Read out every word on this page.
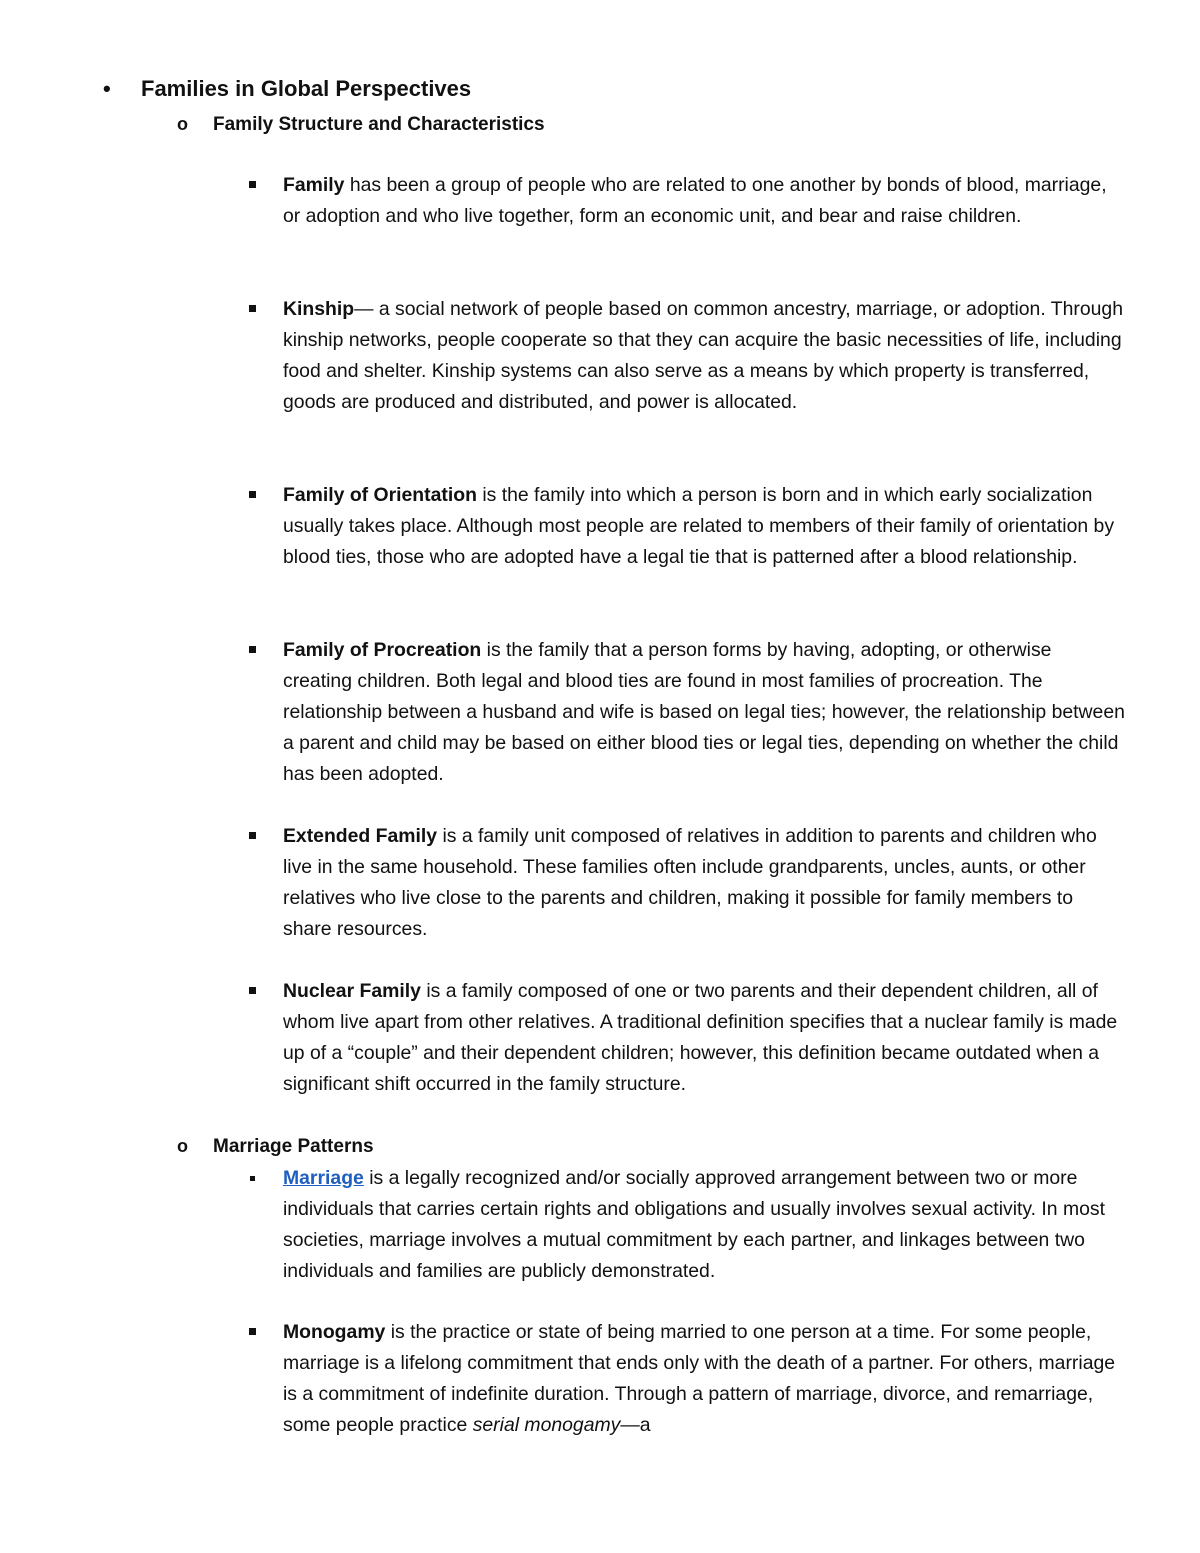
• Families in Global Perspectives
o Family Structure and Characteristics
Family has been a group of people who are related to one another by bonds of blood, marriage, or adoption and who live together, form an economic unit, and bear and raise children.
Kinship— a social network of people based on common ancestry, marriage, or adoption. Through kinship networks, people cooperate so that they can acquire the basic necessities of life, including food and shelter. Kinship systems can also serve as a means by which property is transferred, goods are produced and distributed, and power is allocated.
Family of Orientation is the family into which a person is born and in which early socialization usually takes place. Although most people are related to members of their family of orientation by blood ties, those who are adopted have a legal tie that is patterned after a blood relationship.
Family of Procreation is the family that a person forms by having, adopting, or otherwise creating children. Both legal and blood ties are found in most families of procreation. The relationship between a husband and wife is based on legal ties; however, the relationship between a parent and child may be based on either blood ties or legal ties, depending on whether the child has been adopted.
Extended Family is a family unit composed of relatives in addition to parents and children who live in the same household. These families often include grandparents, uncles, aunts, or other relatives who live close to the parents and children, making it possible for family members to share resources.
Nuclear Family is a family composed of one or two parents and their dependent children, all of whom live apart from other relatives. A traditional definition specifies that a nuclear family is made up of a “couple” and their dependent children; however, this definition became outdated when a significant shift occurred in the family structure.
o Marriage Patterns
Marriage is a legally recognized and/or socially approved arrangement between two or more individuals that carries certain rights and obligations and usually involves sexual activity. In most societies, marriage involves a mutual commitment by each partner, and linkages between two individuals and families are publicly demonstrated.
Monogamy is the practice or state of being married to one person at a time. For some people, marriage is a lifelong commitment that ends only with the death of a partner. For others, marriage is a commitment of indefinite duration. Through a pattern of marriage, divorce, and remarriage, some people practice serial monogamy—a
